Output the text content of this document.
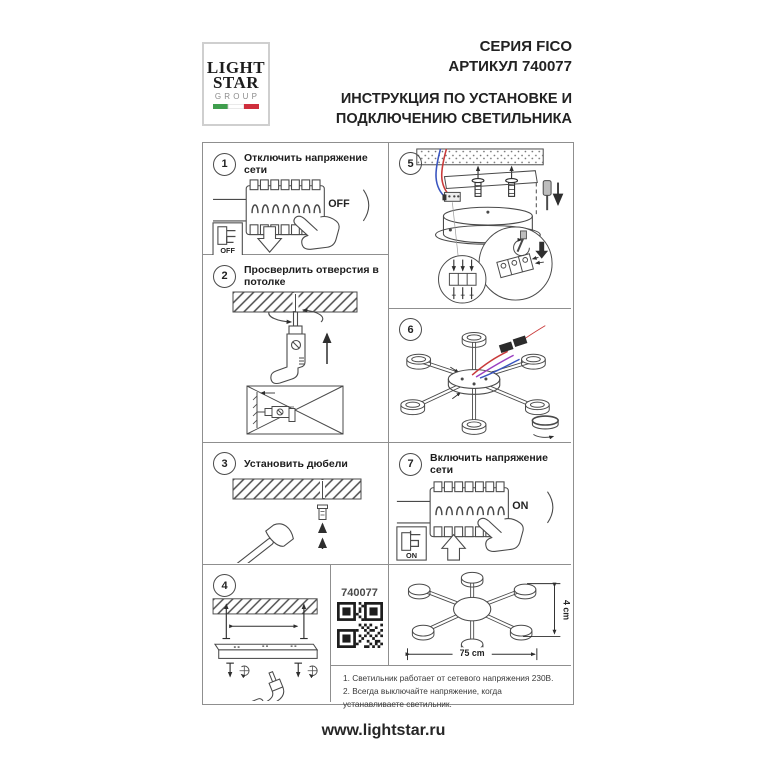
LIGHT
STAR
GROUP
СЕРИЯ FICO
АРТИКУЛ 740077
ИНСТРУКЦИЯ ПО УСТАНОВКЕ И
ПОДКЛЮЧЕНИЮ СВЕТИЛЬНИКА
1	Отключить напряжение сети
OFF
OFF
2	Просверлить отверстия в потолке
3	Установить дюбели
4
5
6
7	Включить напряжение сети
ON
ON
740077
75 cm
4 cm
1. Светильник работает от сетевого напряжения 230В.
2. Всегда выключайте напряжение, когда устанавливаете светильник.
www.lightstar.ru
